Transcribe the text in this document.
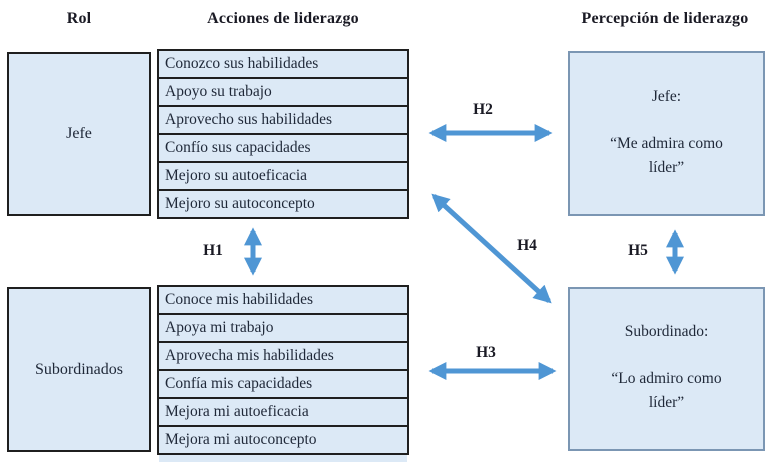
Rol	Acciones de liderazgo	Percepción de liderazgo
Jefe
Subordinados
Conozco sus habilidades
Apoyo su trabajo
Aprovecho sus habilidades
Confío sus capacidades
Mejoro su autoeficacia
Mejoro su autoconcepto
Conoce mis habilidades
Apoya mi trabajo
Aprovecha mis habilidades
Confía mis capacidades
Mejora mi autoeficacia
Mejora mi autoconcepto
Jefe:
“Me admira como
líder”
Subordinado:
“Lo admiro como
líder”
H1
H2
H3
H4	H5
